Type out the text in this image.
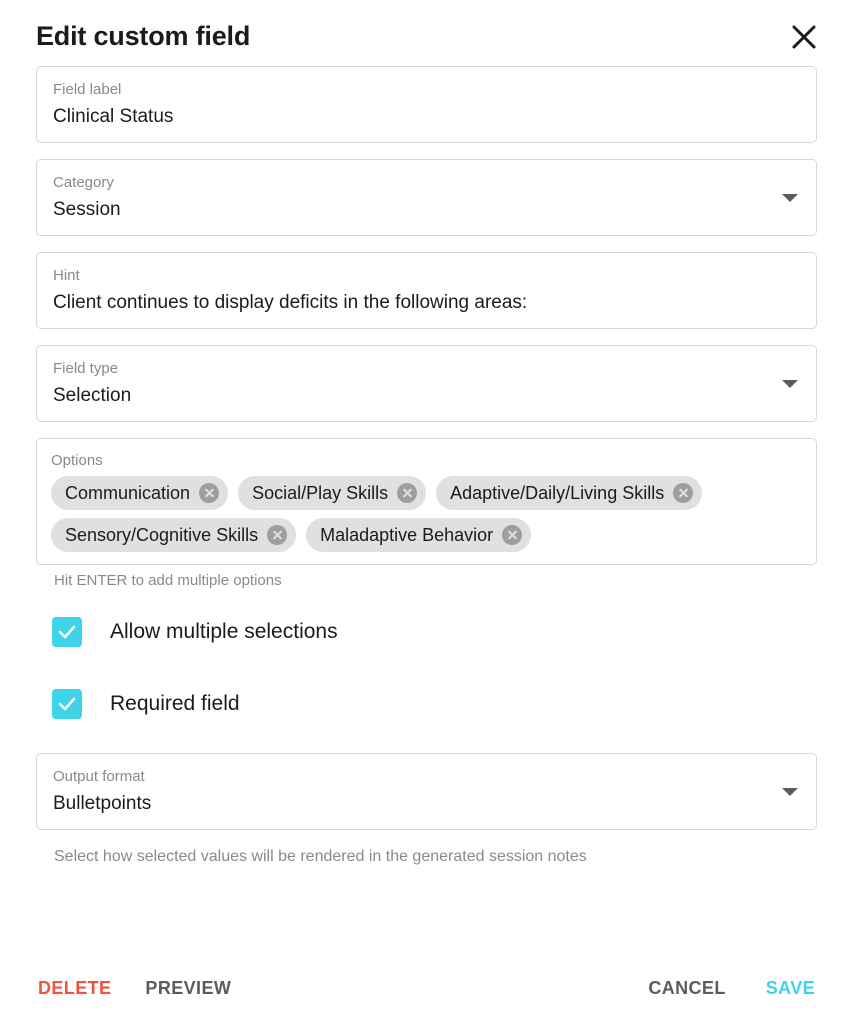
Edit custom field
Field label
Clinical Status
Category
Session
Hint
Client continues to display deficits in the following areas:
Field type
Selection
Options
Communication	Social/Play Skills	Adaptive/Daily/Living Skills
Sensory/Cognitive Skills	Maladaptive Behavior
Hit ENTER to add multiple options
Allow multiple selections
Required field
Output format
Bulletpoints
Select how selected values will be rendered in the generated session notes
DELETE PREVIEW	CANCEL SAVE
